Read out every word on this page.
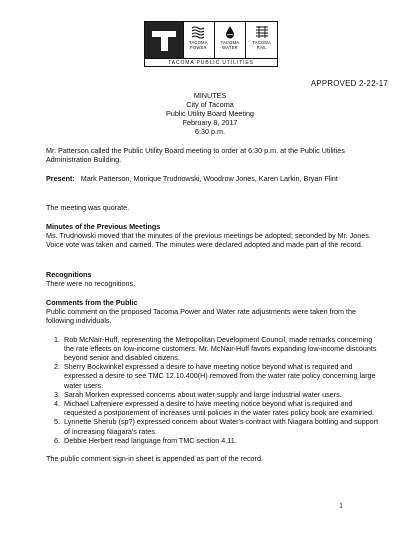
TACOMA
POWER
TACOMA
WATER
TACOMA
RAIL
TACOMA PUBLIC UTILITIES
APPROVED 2-22-17
MINUTES
City of Tacoma
Public Utility Board Meeting
February 8, 2017
6:30 p.m.

Mr. Patterson called the Public Utility Board meeting to order at 6:30 p.m. at the Public Utilities Administration Building.

Present: Mark Patterson, Monique Trudnowski, Woodrow Jones, Karen Larkin, Bryan Flint

The meeting was quorate.

Minutes of the Previous Meetings

Ms. Trudnowski moved that the minutes of the previous meetings be adopted; seconded by Mr. Jones. Voice vote was taken and carried. The minutes were declared adopted and made part of the record.

Recognitions

There were no recognitions.

Comments from the Public

Public comment on the proposed Tacoma Power and Water rate adjustments were taken from the following individuals.

1. Rob McNair-Huff, representing the Metropolitan Development Council, made remarks concerning the rate effects on low-income customers. Mr. McNair-Huff favors expanding low-income discounts beyond senior and disabled citizens.
2. Sherry Bockwinkel expressed a desire to have meeting notice beyond what is required and expressed a desire to see TMC 12.10.400(H) removed from the water rate policy concerning large water users.
3. Sarah Morken expressed concerns about water supply and large industrial water users.
4. Michael Lafreniere expressed a desire to have meeting notice beyond what is required and requested a postponement of increases until policies in the water rates policy book are examined.
5. Lynnette Sherub (sp?) expressed concern about Water's contract with Niagara bottling and support of increasing Niagara's rates.
6. Debbie Herbert read language from TMC section 4.11.

The public comment sign-in sheet is appended as part of the record.

1
